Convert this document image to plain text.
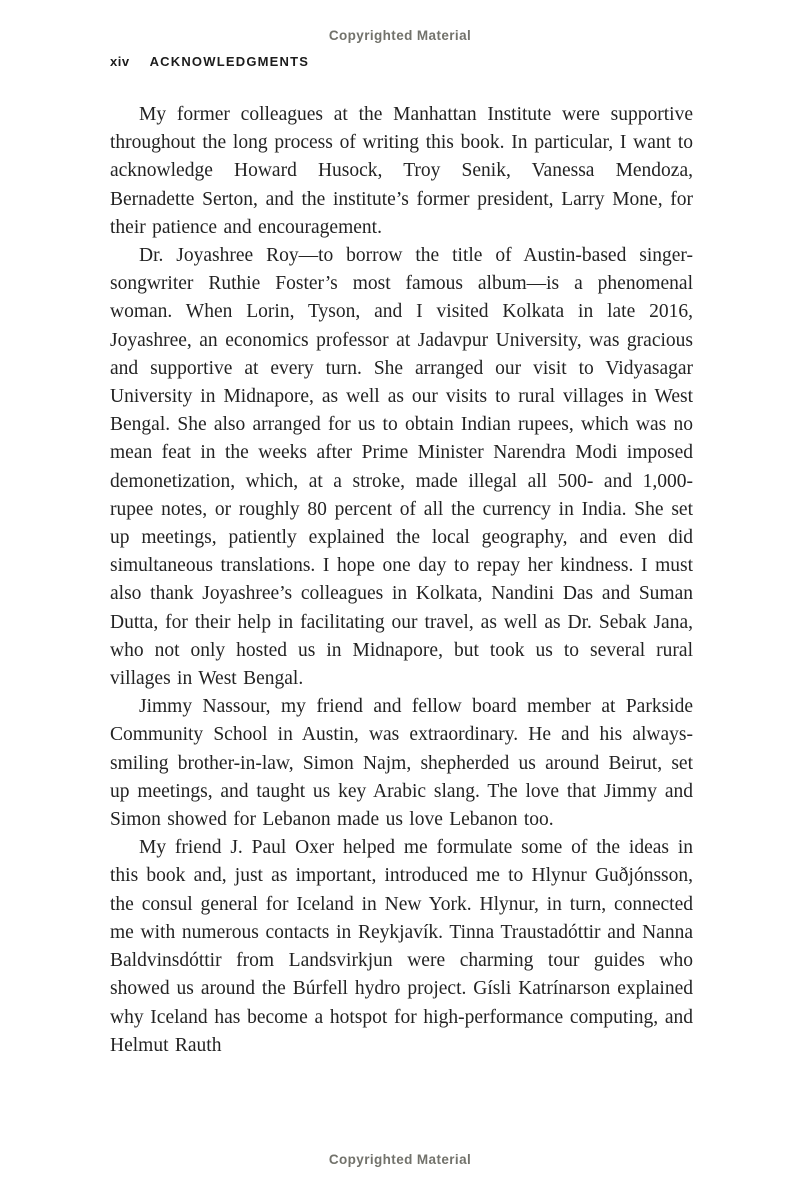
Copyrighted Material
xiv ACKNOWLEDGMENTS

My former colleagues at the Manhattan Institute were supportive throughout the long process of writing this book. In particular, I want to acknowledge Howard Husock, Troy Senik, Vanessa Mendoza, Bernadette Serton, and the institute’s former president, Larry Mone, for their patience and encouragement.

Dr. Joyashree Roy—to borrow the title of Austin-based singer-songwriter Ruthie Foster’s most famous album—is a phenomenal woman. When Lorin, Tyson, and I visited Kolkata in late 2016, Joyashree, an economics professor at Jadavpur University, was gracious and supportive at every turn. She arranged our visit to Vidyasagar University in Midnapore, as well as our visits to rural villages in West Bengal. She also arranged for us to obtain Indian rupees, which was no mean feat in the weeks after Prime Minister Narendra Modi imposed demonetization, which, at a stroke, made illegal all 500- and 1,000-rupee notes, or roughly 80 percent of all the currency in India. She set up meetings, patiently explained the local geography, and even did simultaneous translations. I hope one day to repay her kindness. I must also thank Joyashree’s colleagues in Kolkata, Nandini Das and Suman Dutta, for their help in facilitating our travel, as well as Dr. Sebak Jana, who not only hosted us in Midnapore, but took us to several rural villages in West Bengal.

Jimmy Nassour, my friend and fellow board member at Parkside Community School in Austin, was extraordinary. He and his always-smiling brother-in-law, Simon Najm, shepherded us around Beirut, set up meetings, and taught us key Arabic slang. The love that Jimmy and Simon showed for Lebanon made us love Lebanon too.

My friend J. Paul Oxer helped me formulate some of the ideas in this book and, just as important, introduced me to Hlynur Guðjónsson, the consul general for Iceland in New York. Hlynur, in turn, connected me with numerous contacts in Reykjavík. Tinna Traustadóttir and Nanna Baldvinsdóttir from Landsvirkjun were charming tour guides who showed us around the Búrfell hydro project. Gísli Katrínarson explained why Iceland has become a hotspot for high-performance computing, and Helmut Rauth

Copyrighted Material
